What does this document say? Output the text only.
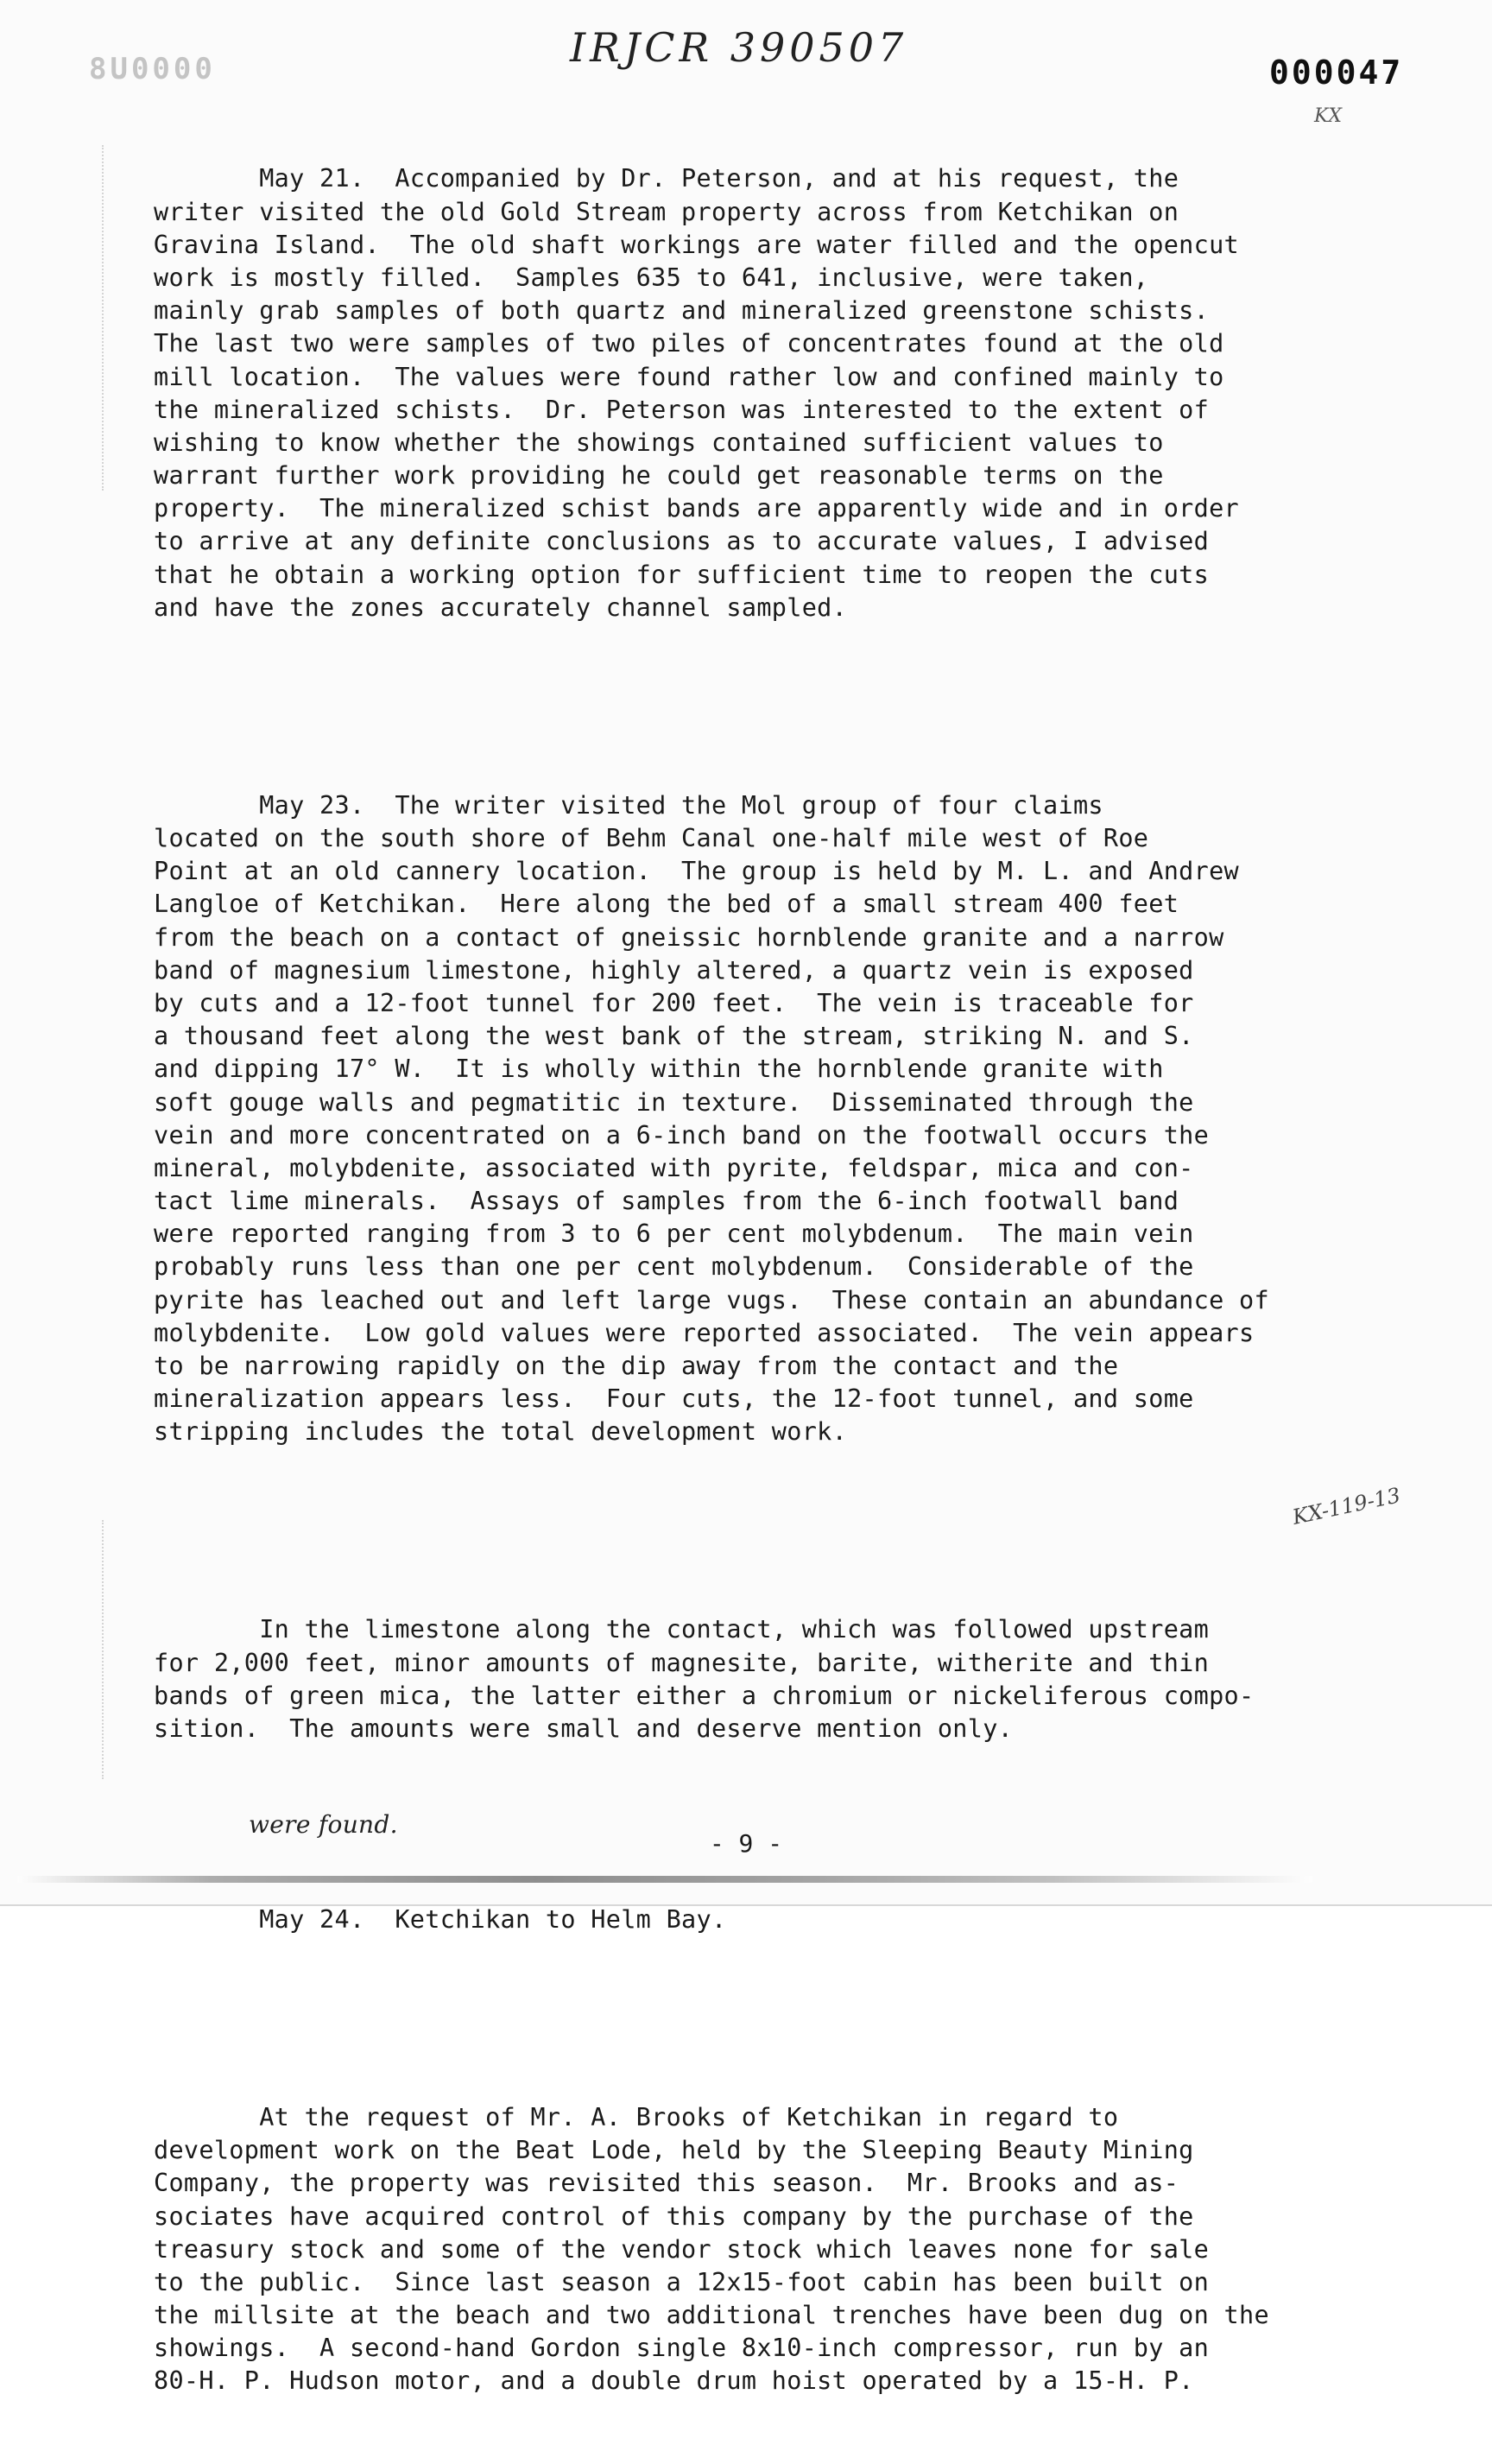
8U0000	IRJCR 390507
000047
KX
KX-119-13

May 21.  Accompanied by Dr. Peterson, and at his request, the
writer visited the old Gold Stream property across from Ketchikan on
Gravina Island.  The old shaft workings are water filled and the opencut
work is mostly filled.  Samples 635 to 641, inclusive, were taken,
mainly grab samples of both quartz and mineralized greenstone schists.
The last two were samples of two piles of concentrates found at the old
mill location.  The values were found rather low and confined mainly to
the mineralized schists.  Dr. Peterson was interested to the extent of
wishing to know whether the showings contained sufficient values to
warrant further work providing he could get reasonable terms on the
property.  The mineralized schist bands are apparently wide and in order
to arrive at any definite conclusions as to accurate values, I advised
that he obtain a working option for sufficient time to reopen the cuts
and have the zones accurately channel sampled.

May 23.  The writer visited the Mol group of four claims
located on the south shore of Behm Canal one-half mile west of Roe
Point at an old cannery location.  The group is held by M. L. and Andrew
Langloe of Ketchikan.  Here along the bed of a small stream 400 feet
from the beach on a contact of gneissic hornblende granite and a narrow
band of magnesium limestone, highly altered, a quartz vein is exposed
by cuts and a 12-foot tunnel for 200 feet.  The vein is traceable for
a thousand feet along the west bank of the stream, striking N. and S.
and dipping 17° W.  It is wholly within the hornblende granite with
soft gouge walls and pegmatitic in texture.  Disseminated through the
vein and more concentrated on a 6-inch band on the footwall occurs the
mineral, molybdenite, associated with pyrite, feldspar, mica and con-
tact lime minerals.  Assays of samples from the 6-inch footwall band
were reported ranging from 3 to 6 per cent molybdenum.  The main vein
probably runs less than one per cent molybdenum.  Considerable of the
pyrite has leached out and left large vugs.  These contain an abundance of
molybdenite.  Low gold values were reported associated.  The vein appears
to be narrowing rapidly on the dip away from the contact and the
mineralization appears less.  Four cuts, the 12-foot tunnel, and some
stripping includes the total development work.

In the limestone along the contact, which was followed upstream
for 2,000 feet, minor amounts of magnesite, barite, witherite and thin
bands of green mica, the latter either a chromium or nickeliferous compo-
sition.  The amounts were small and deserve mention only.

were found.

May 24.  Ketchikan to Helm Bay.

At the request of Mr. A. Brooks of Ketchikan in regard to
development work on the Beat Lode, held by the Sleeping Beauty Mining
Company, the property was revisited this season.  Mr. Brooks and as-
sociates have acquired control of this company by the purchase of the
treasury stock and some of the vendor stock which leaves none for sale
to the public.  Since last season a 12x15-foot cabin has been built on
the millsite at the beach and two additional trenches have been dug on the
showings.  A second-hand Gordon single 8x10-inch compressor, run by an
80-H. P. Hudson motor, and a double drum hoist operated by a 15-H. P.

- 9 -
